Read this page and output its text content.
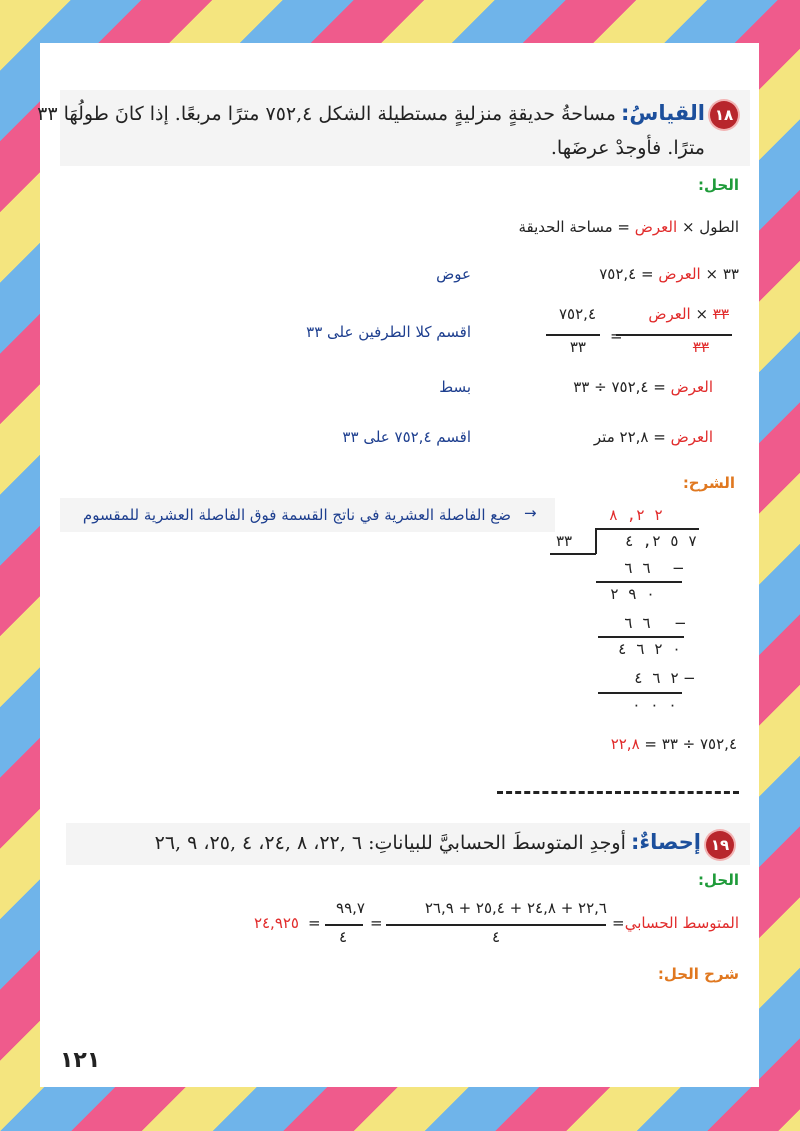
١٨
القياسُ: مساحةُ حديقةٍ منزليةٍ مستطيلة الشكل ٧٥٢,٤ مترًا مربعًا. إذا كانَ طولُهَا ٣٣
مترًا. فأوجدْ عرضَها.
الحل:
الطول × العرض = مساحة الحديقة
٣٣ × العرض = ٧٥٢,٤
عوض
٣٣ × العرض
٣٣
=
٧٥٢,٤
٣٣
اقسم كلا الطرفين على ٣٣
العرض = ٧٥٢,٤ ÷ ٣٣
بسط
العرض = ٢٢,٨ متر
اقسم ٧٥٢,٤ على ٣٣
الشرح:
ضع الفاصلة العشرية في ناتج القسمة فوق الفاصلة العشرية للمقسوم →	٢ ٢, ٨
٣٣	٧ ٥ ٢, ٤
−
٦ ٦
٠ ٩ ٢
−
٦ ٦
٠ ٢ ٦ ٤
−
٢ ٦ ٤
٠ ٠ ٠
٧٥٢,٤ ÷ ٣٣ = ٢٢,٨
١٩
إحصاءٌ: أوجدِ المتوسطَ الحسابيَّ للبياناتِ: ٦ ,٢٢، ٨ ,٢٤، ٤ ,٢٥، ٩ ,٢٦
الحل:
المتوسط الحسابي
=
٢٢,٦ + ٢٤,٨ + ٢٥,٤ + ٢٦,٩
٤
=
٩٩,٧
٤
=
٢٤,٩٢٥
شرح الحل:
١٢١
